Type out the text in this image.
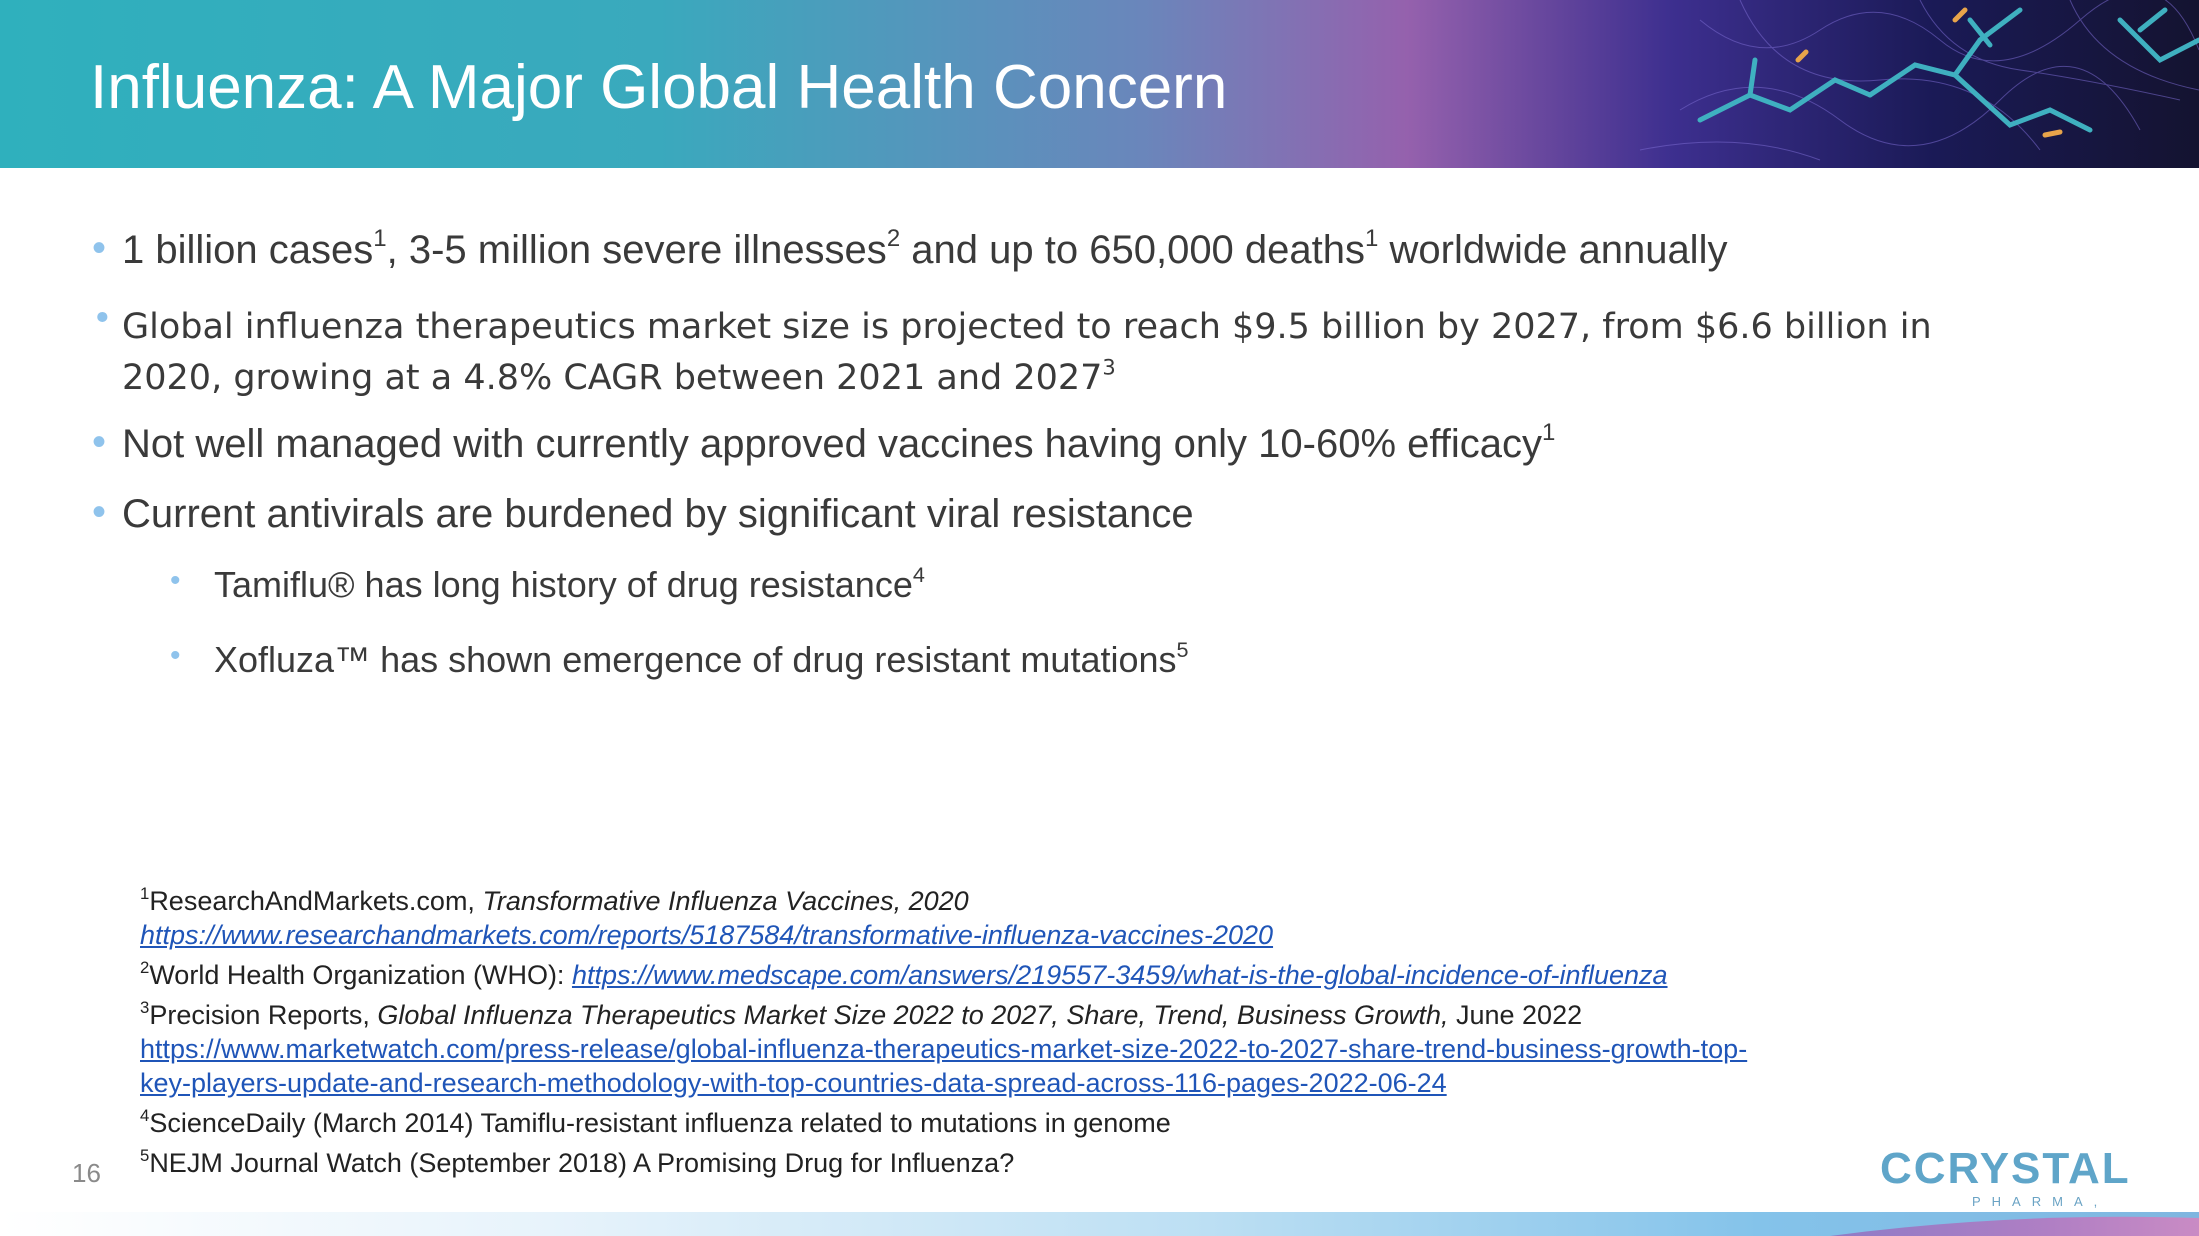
Influenza: A Major Global Health Concern
• 1 billion cases$^1$, 3-5 million severe illnesses$^2$ and up to 650,000 deaths$^1$ worldwide annually
• Global influenza therapeutics market size is projected to reach $9.5 billion by 2027, from $6.6 billion in
2020, growing at a 4.8% CAGR between 2021 and 2027$^3$
• Not well managed with currently approved vaccines having only 10-60% efficacy$^1$
• Current antivirals are burdened by significant viral resistance
• Tamiflu® has long history of drug resistance$^4$
• Xofluza™ has shown emergence of drug resistant mutations$^5$
$^1$ResearchAndMarkets.com, Transformative Influenza Vaccines, 2020
https://www.researchandmarkets.com/reports/5187584/transformative-influenza-vaccines-2020
$^2$World Health Organization (WHO): https://www.medscape.com/answers/219557-3459/what-is-the-global-incidence-of-influenza
$^3$Precision Reports, Global Influenza Therapeutics Market Size 2022 to 2027, Share, Trend, Business Growth, June 2022
https://www.marketwatch.com/press-release/global-influenza-therapeutics-market-size-2022-to-2027-share-trend-business-growth-top-
key-players-update-and-research-methodology-with-top-countries-data-spread-across-116-pages-2022-06-24
$^4$ScienceDaily (March 2014) Tamiflu-resistant influenza related to mutations in genome
$^5$NEJM Journal Watch (September 2018) A Promising Drug for Influenza?
16	CCRYSTAL
PHARMA,
